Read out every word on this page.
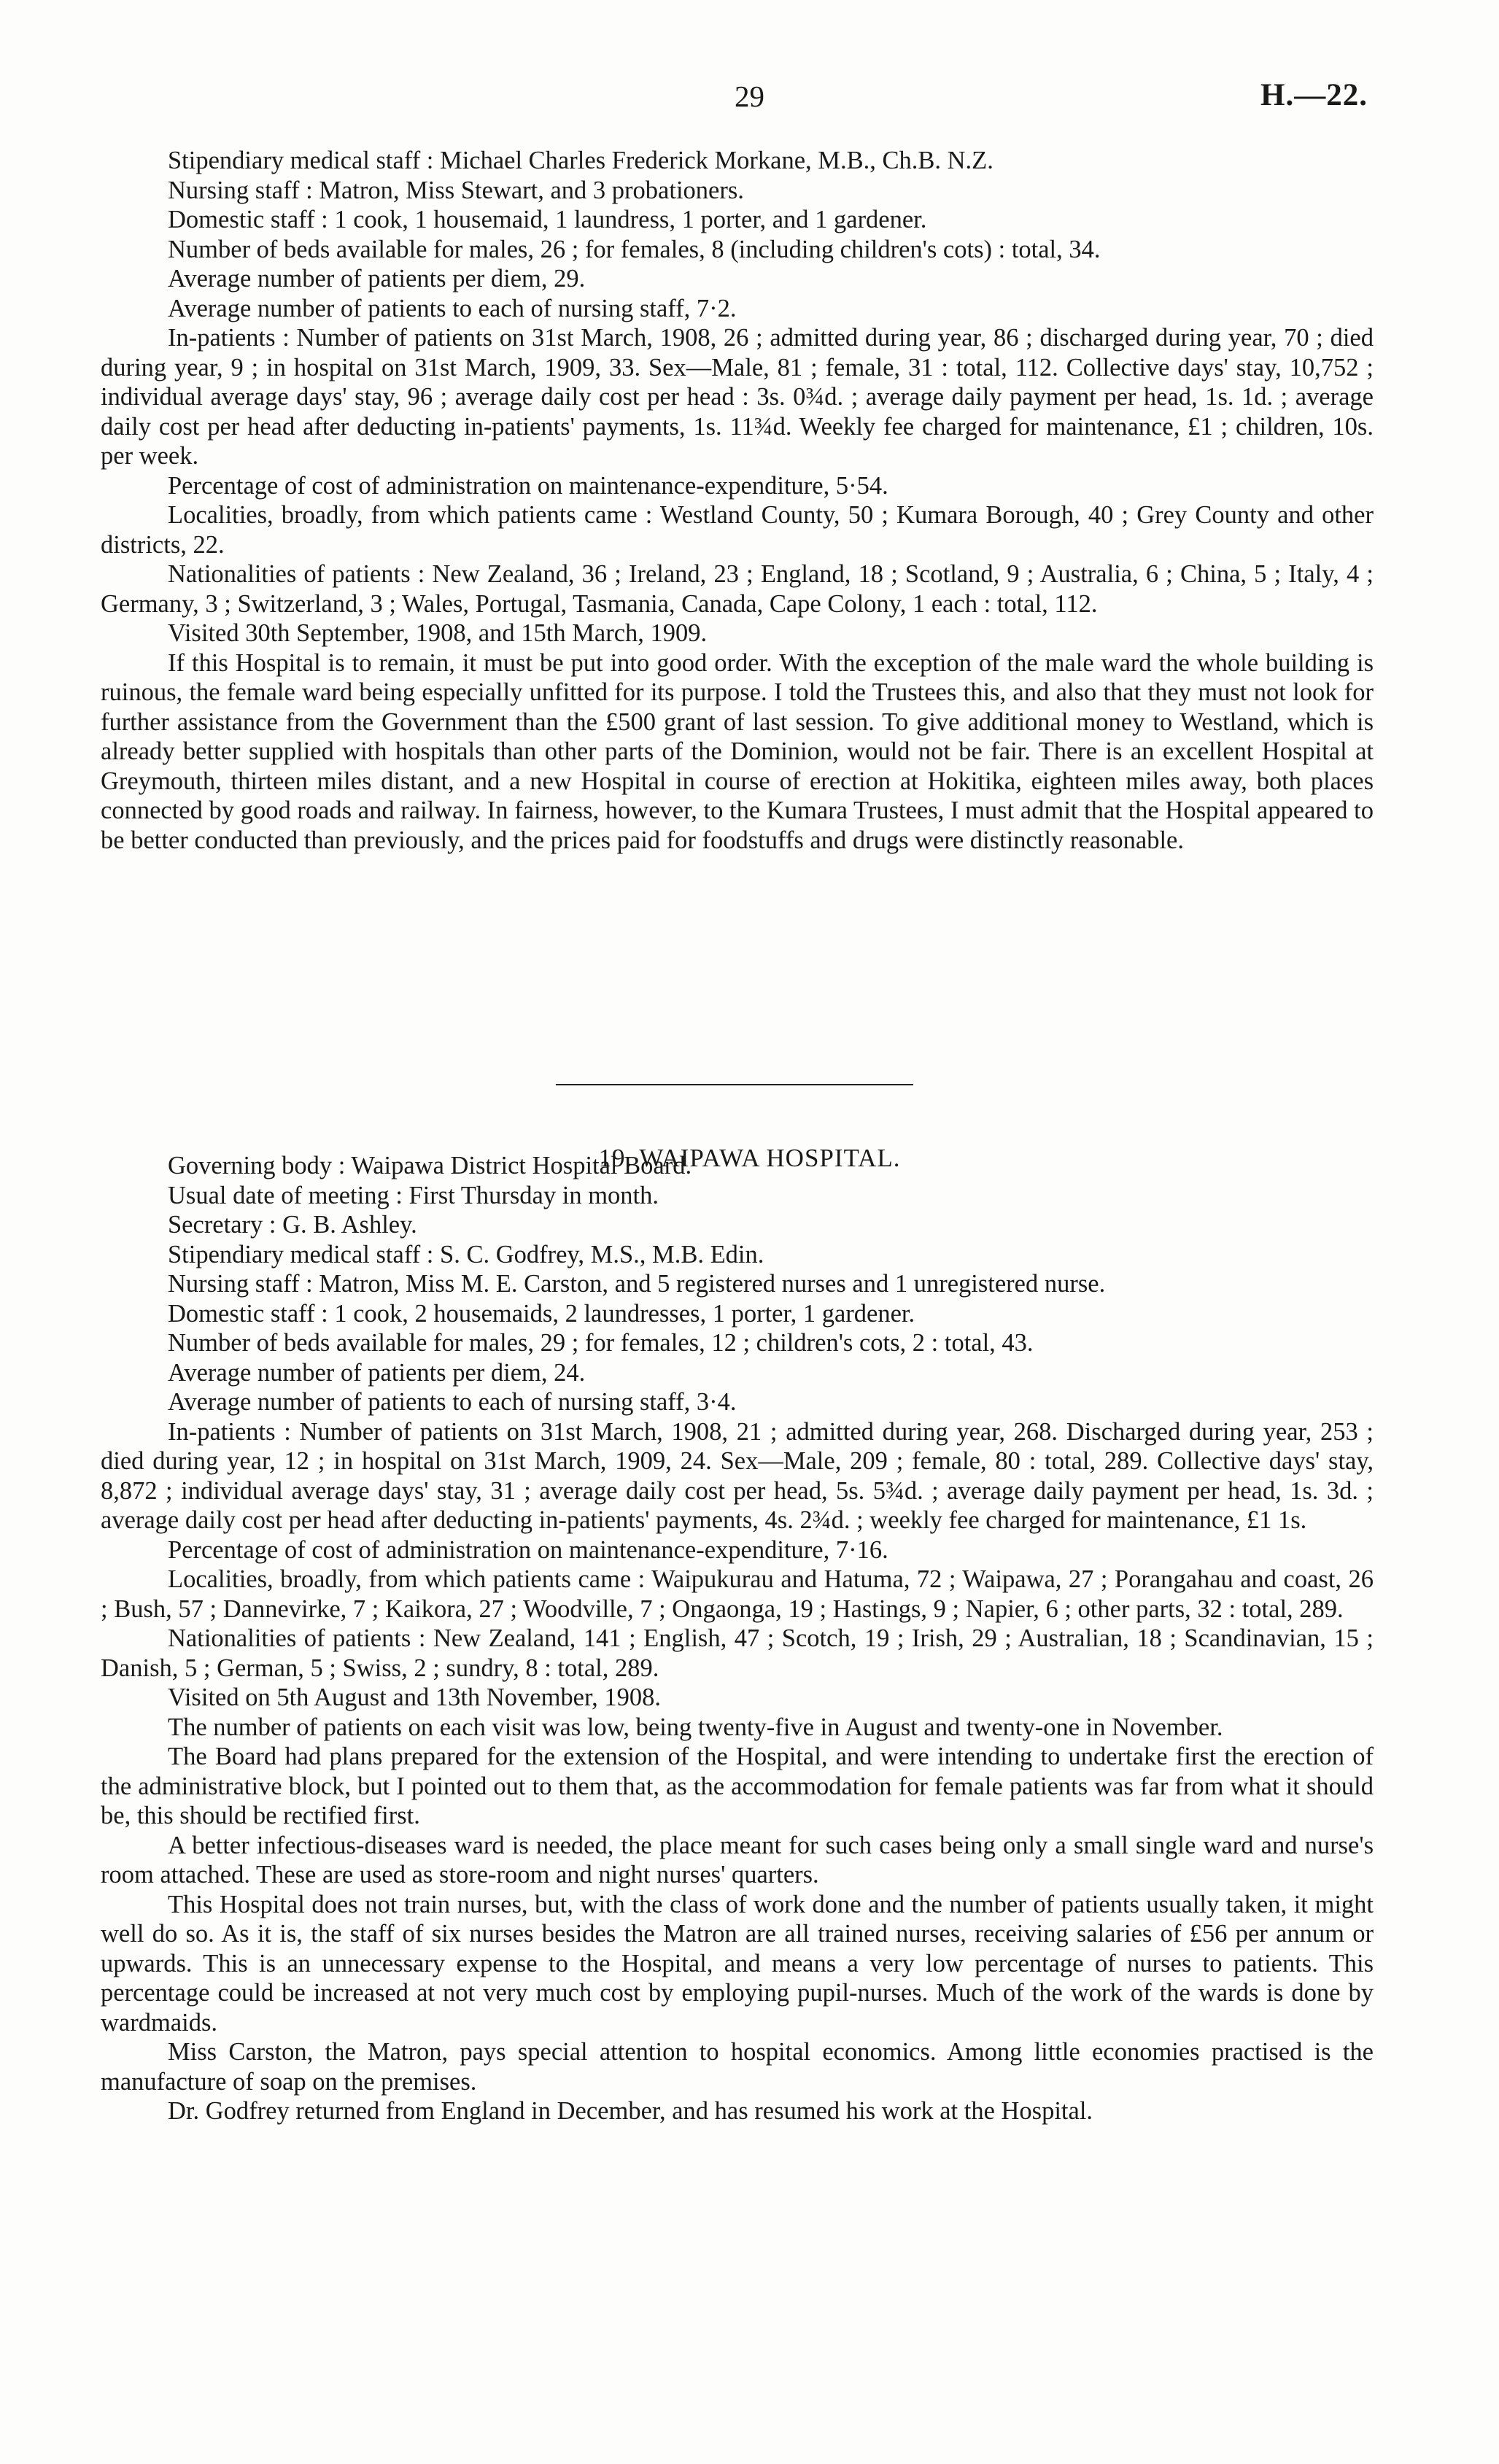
29	H.—22.

Stipendiary medical staff : Michael Charles Frederick Morkane, M.B., Ch.B. N.Z.

Nursing staff : Matron, Miss Stewart, and 3 probationers.

Domestic staff : 1 cook, 1 housemaid, 1 laundress, 1 porter, and 1 gardener.

Number of beds available for males, 26 ; for females, 8 (including children's cots) : total, 34.

Average number of patients per diem, 29.

Average number of patients to each of nursing staff, 7·2.

In-patients : Number of patients on 31st March, 1908, 26 ; admitted during year, 86 ; discharged during year, 70 ; died during year, 9 ; in hospital on 31st March, 1909, 33. Sex—Male, 81 ; female, 31 : total, 112. Collective days' stay, 10,752 ; individual average days' stay, 96 ; average daily cost per head : 3s. 0¾d. ; average daily payment per head, 1s. 1d. ; average daily cost per head after deducting in-patients' payments, 1s. 11¾d. Weekly fee charged for maintenance, £1 ; children, 10s. per week.

Percentage of cost of administration on maintenance-expenditure, 5·54.

Localities, broadly, from which patients came : Westland County, 50 ; Kumara Borough, 40 ; Grey County and other districts, 22.

Nationalities of patients : New Zealand, 36 ; Ireland, 23 ; England, 18 ; Scotland, 9 ; Australia, 6 ; China, 5 ; Italy, 4 ; Germany, 3 ; Switzerland, 3 ; Wales, Portugal, Tasmania, Canada, Cape Colony, 1 each : total, 112.

Visited 30th September, 1908, and 15th March, 1909.

If this Hospital is to remain, it must be put into good order. With the exception of the male ward the whole building is ruinous, the female ward being especially unfitted for its purpose. I told the Trustees this, and also that they must not look for further assistance from the Government than the £500 grant of last session. To give additional money to Westland, which is already better supplied with hospitals than other parts of the Dominion, would not be fair. There is an excellent Hospital at Greymouth, thirteen miles distant, and a new Hospital in course of erection at Hokitika, eighteen miles away, both places connected by good roads and railway. In fairness, however, to the Kumara Trustees, I must admit that the Hospital appeared to be better conducted than previously, and the prices paid for foodstuffs and drugs were distinctly reasonable.

19. WAIPAWA HOSPITAL.

Governing body : Waipawa District Hospital Board.

Usual date of meeting : First Thursday in month.

Secretary : G. B. Ashley.

Stipendiary medical staff : S. C. Godfrey, M.S., M.B. Edin.

Nursing staff : Matron, Miss M. E. Carston, and 5 registered nurses and 1 unregistered nurse.

Domestic staff : 1 cook, 2 housemaids, 2 laundresses, 1 porter, 1 gardener.

Number of beds available for males, 29 ; for females, 12 ; children's cots, 2 : total, 43.

Average number of patients per diem, 24.

Average number of patients to each of nursing staff, 3·4.

In-patients : Number of patients on 31st March, 1908, 21 ; admitted during year, 268. Discharged during year, 253 ; died during year, 12 ; in hospital on 31st March, 1909, 24. Sex—Male, 209 ; female, 80 : total, 289. Collective days' stay, 8,872 ; individual average days' stay, 31 ; average daily cost per head, 5s. 5¾d. ; average daily payment per head, 1s. 3d. ; average daily cost per head after deducting in-patients' payments, 4s. 2¾d. ; weekly fee charged for maintenance, £1 1s.

Percentage of cost of administration on maintenance-expenditure, 7·16.

Localities, broadly, from which patients came : Waipukurau and Hatuma, 72 ; Waipawa, 27 ; Porangahau and coast, 26 ; Bush, 57 ; Dannevirke, 7 ; Kaikora, 27 ; Woodville, 7 ; Ongaonga, 19 ; Hastings, 9 ; Napier, 6 ; other parts, 32 : total, 289.

Nationalities of patients : New Zealand, 141 ; English, 47 ; Scotch, 19 ; Irish, 29 ; Australian, 18 ; Scandinavian, 15 ; Danish, 5 ; German, 5 ; Swiss, 2 ; sundry, 8 : total, 289.

Visited on 5th August and 13th November, 1908.

The number of patients on each visit was low, being twenty-five in August and twenty-one in November.

The Board had plans prepared for the extension of the Hospital, and were intending to undertake first the erection of the administrative block, but I pointed out to them that, as the accommodation for female patients was far from what it should be, this should be rectified first.

A better infectious-diseases ward is needed, the place meant for such cases being only a small single ward and nurse's room attached. These are used as store-room and night nurses' quarters.

This Hospital does not train nurses, but, with the class of work done and the number of patients usually taken, it might well do so. As it is, the staff of six nurses besides the Matron are all trained nurses, receiving salaries of £56 per annum or upwards. This is an unnecessary expense to the Hospital, and means a very low percentage of nurses to patients. This percentage could be increased at not very much cost by employing pupil-nurses. Much of the work of the wards is done by wardmaids.

Miss Carston, the Matron, pays special attention to hospital economics. Among little economies practised is the manufacture of soap on the premises.

Dr. Godfrey returned from England in December, and has resumed his work at the Hospital.
